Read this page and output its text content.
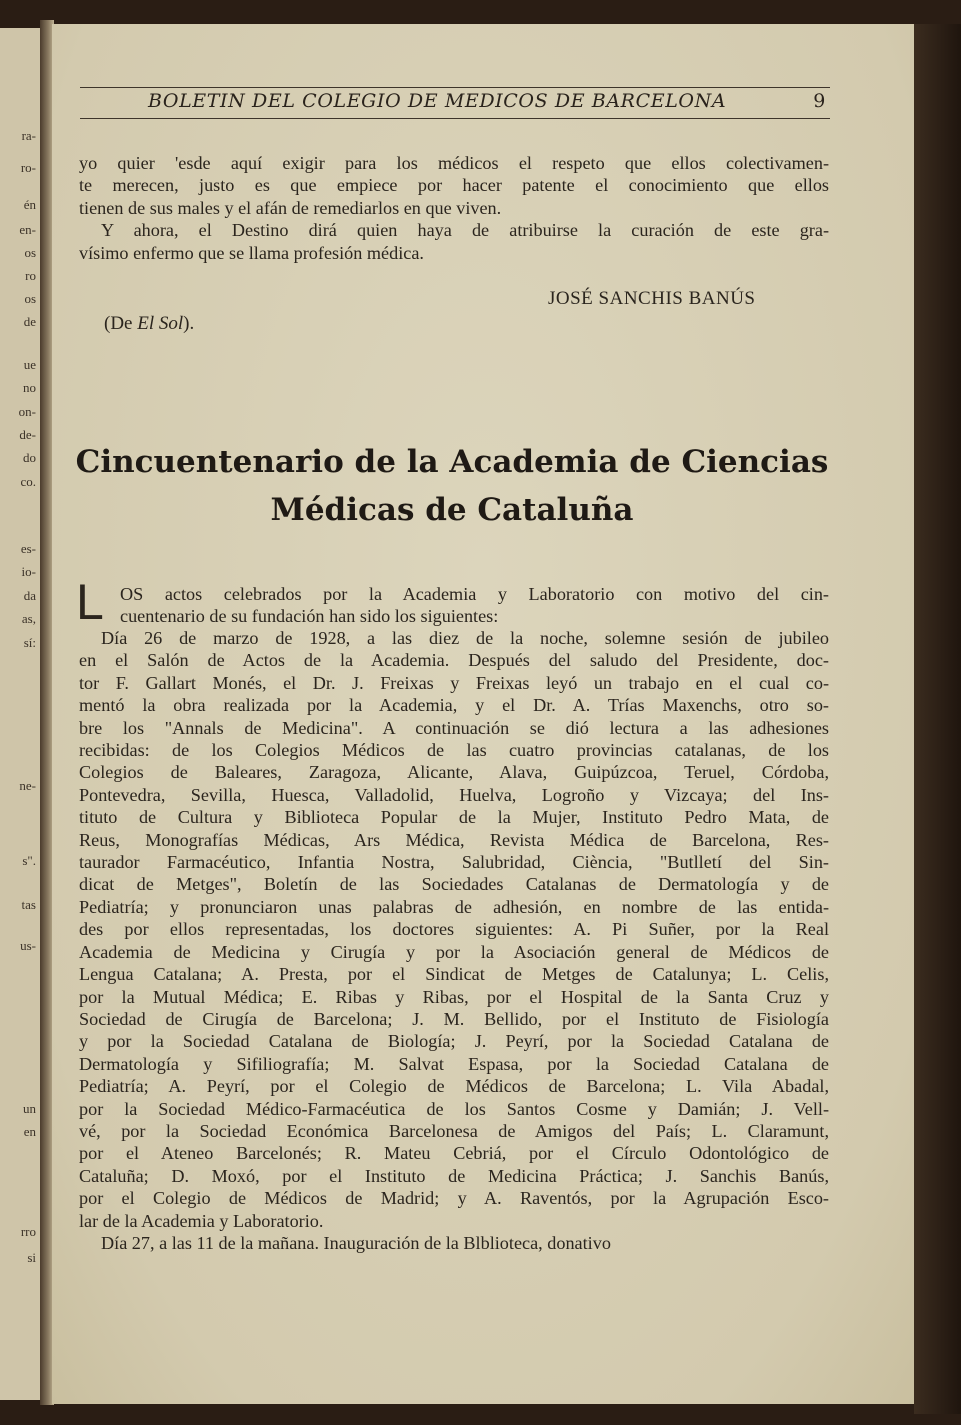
ra-
ro-
én
en-
os
ro
os
de
ue
no
on-
de-
do
co.
es-
io-
da
as,
sí:
ne-
s".
tas
us-
un
en
rro
si
BOLETIN DEL COLEGIO DE MEDICOS DE BARCELONA	9
yo quier 'esde aquí exigir para los médicos el respeto que ellos colectivamen-
te merecen, justo es que empiece por hacer patente el conocimiento que ellos
tienen de sus males y el afán de remediarlos en que viven.
Y ahora, el Destino dirá quien haya de atribuirse la curación de este gra-
vísimo enfermo que se llama profesión médica.
JOSÉ SANCHIS BANÚS
(De El Sol).
Cincuentenario de la Academia de Ciencias
Médicas de Cataluña
L OS actos celebrados por la Academia y Laboratorio con motivo del cin-
cuentenario de su fundación han sido los siguientes:
Día 26 de marzo de 1928, a las diez de la noche, solemne sesión de jubileo
en el Salón de Actos de la Academia. Después del saludo del Presidente, doc-
tor F. Gallart Monés, el Dr. J. Freixas y Freixas leyó un trabajo en el cual co-
mentó la obra realizada por la Academia, y el Dr. A. Trías Maxenchs, otro so-
bre los "Annals de Medicina". A continuación se dió lectura a las adhesiones
recibidas: de los Colegios Médicos de las cuatro provincias catalanas, de los
Colegios de Baleares, Zaragoza, Alicante, Alava, Guipúzcoa, Teruel, Córdoba,
Pontevedra, Sevilla, Huesca, Valladolid, Huelva, Logroño y Vizcaya; del Ins-
tituto de Cultura y Biblioteca Popular de la Mujer, Instituto Pedro Mata, de
Reus, Monografías Médicas, Ars Médica, Revista Médica de Barcelona, Res-
taurador Farmacéutico, Infantia Nostra, Salubridad, Ciència, "Butlletí del Sin-
dicat de Metges", Boletín de las Sociedades Catalanas de Dermatología y de
Pediatría; y pronunciaron unas palabras de adhesión, en nombre de las entida-
des por ellos representadas, los doctores siguientes: A. Pi Suñer, por la Real
Academia de Medicina y Cirugía y por la Asociación general de Médicos de
Lengua Catalana; A. Presta, por el Sindicat de Metges de Catalunya; L. Celis,
por la Mutual Médica; E. Ribas y Ribas, por el Hospital de la Santa Cruz y
Sociedad de Cirugía de Barcelona; J. M. Bellido, por el Instituto de Fisiología
y por la Sociedad Catalana de Biología; J. Peyrí, por la Sociedad Catalana de
Dermatología y Sifiliografía; M. Salvat Espasa, por la Sociedad Catalana de
Pediatría; A. Peyrí, por el Colegio de Médicos de Barcelona; L. Vila Abadal,
por la Sociedad Médico-Farmacéutica de los Santos Cosme y Damián; J. Vell-
vé, por la Sociedad Económica Barcelonesa de Amigos del País; L. Claramunt,
por el Ateneo Barcelonés; R. Mateu Cebriá, por el Círculo Odontológico de
Cataluña; D. Moxó, por el Instituto de Medicina Práctica; J. Sanchis Banús,
por el Colegio de Médicos de Madrid; y A. Raventós, por la Agrupación Esco-
lar de la Academia y Laboratorio.
Día 27, a las 11 de la mañana. Inauguración de la Blblioteca, donativo
